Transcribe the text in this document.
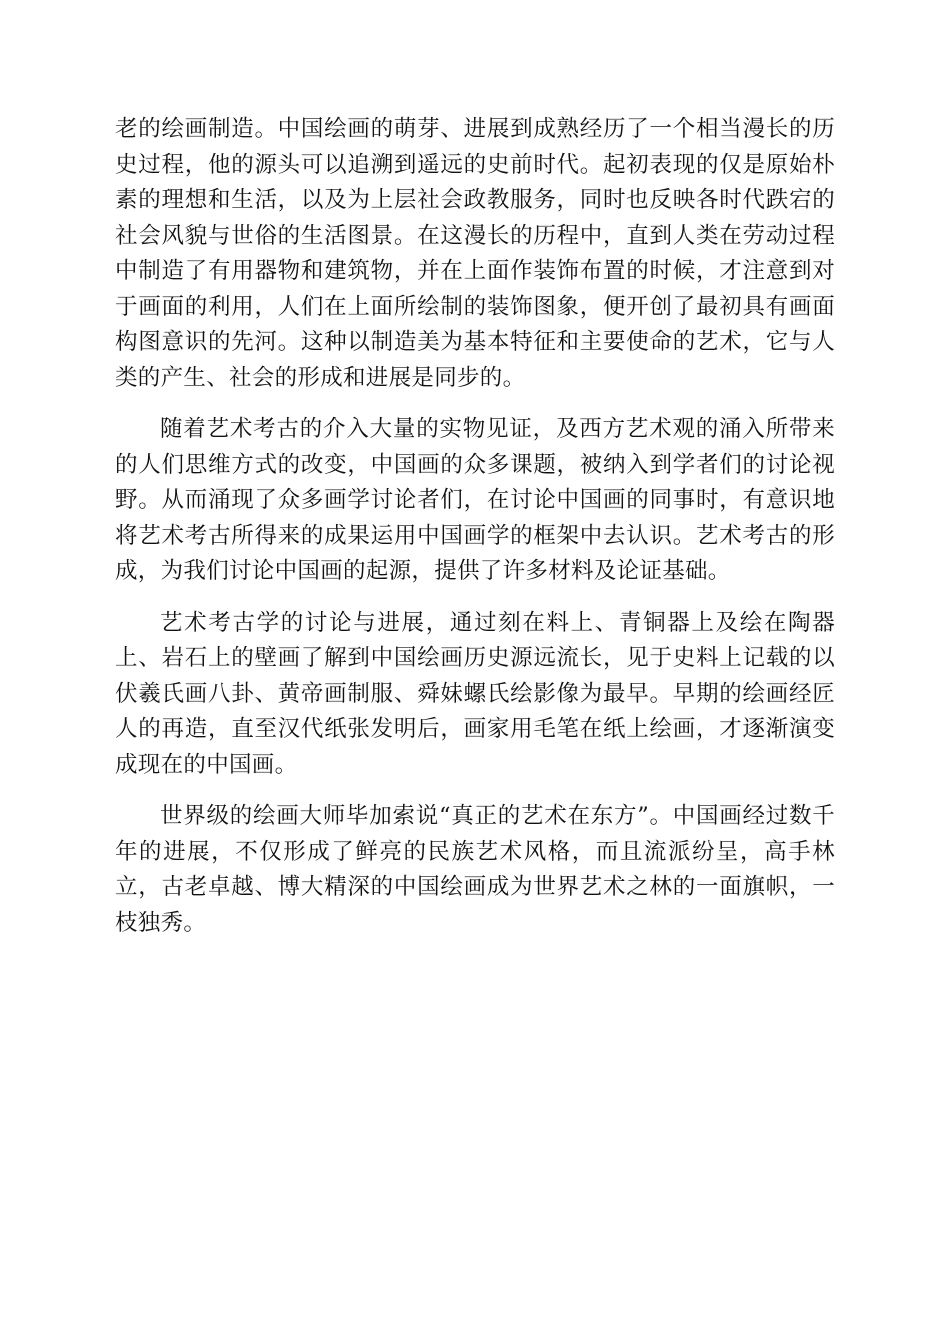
老的绘画制造。中国绘画的萌芽、进展到成熟经历了一个相当漫长的历史过程，他的源头可以追溯到遥远的史前时代。起初表现的仅是原始朴素的理想和生活，以及为上层社会政教服务，同时也反映各时代跌宕的社会风貌与世俗的生活图景。在这漫长的历程中，直到人类在劳动过程中制造了有用器物和建筑物，并在上面作装饰布置的时候，才注意到对于画面的利用，人们在上面所绘制的装饰图象，便开创了最初具有画面构图意识的先河。这种以制造美为基本特征和主要使命的艺术，它与人类的产生、社会的形成和进展是同步的。

随着艺术考古的介入大量的实物见证，及西方艺术观的涌入所带来的人们思维方式的改变，中国画的众多课题，被纳入到学者们的讨论视野。从而涌现了众多画学讨论者们，在讨论中国画的同事时，有意识地将艺术考古所得来的成果运用中国画学的框架中去认识。艺术考古的形成，为我们讨论中国画的起源，提供了许多材料及论证基础。

艺术考古学的讨论与进展，通过刻在料上、青铜器上及绘在陶器上、岩石上的壁画了解到中国绘画历史源远流长，见于史料上记载的以伏羲氏画八卦、黄帝画制服、舜妹螺氏绘影像为最早。早期的绘画经匠人的再造，直至汉代纸张发明后，画家用毛笔在纸上绘画，才逐渐演变成现在的中国画。

世界级的绘画大师毕加索说“真正的艺术在东方”。中国画经过数千年的进展，不仅形成了鲜亮的民族艺术风格，而且流派纷呈，高手林立，古老卓越、博大精深的中国绘画成为世界艺术之林的一面旗帜，一枝独秀。
